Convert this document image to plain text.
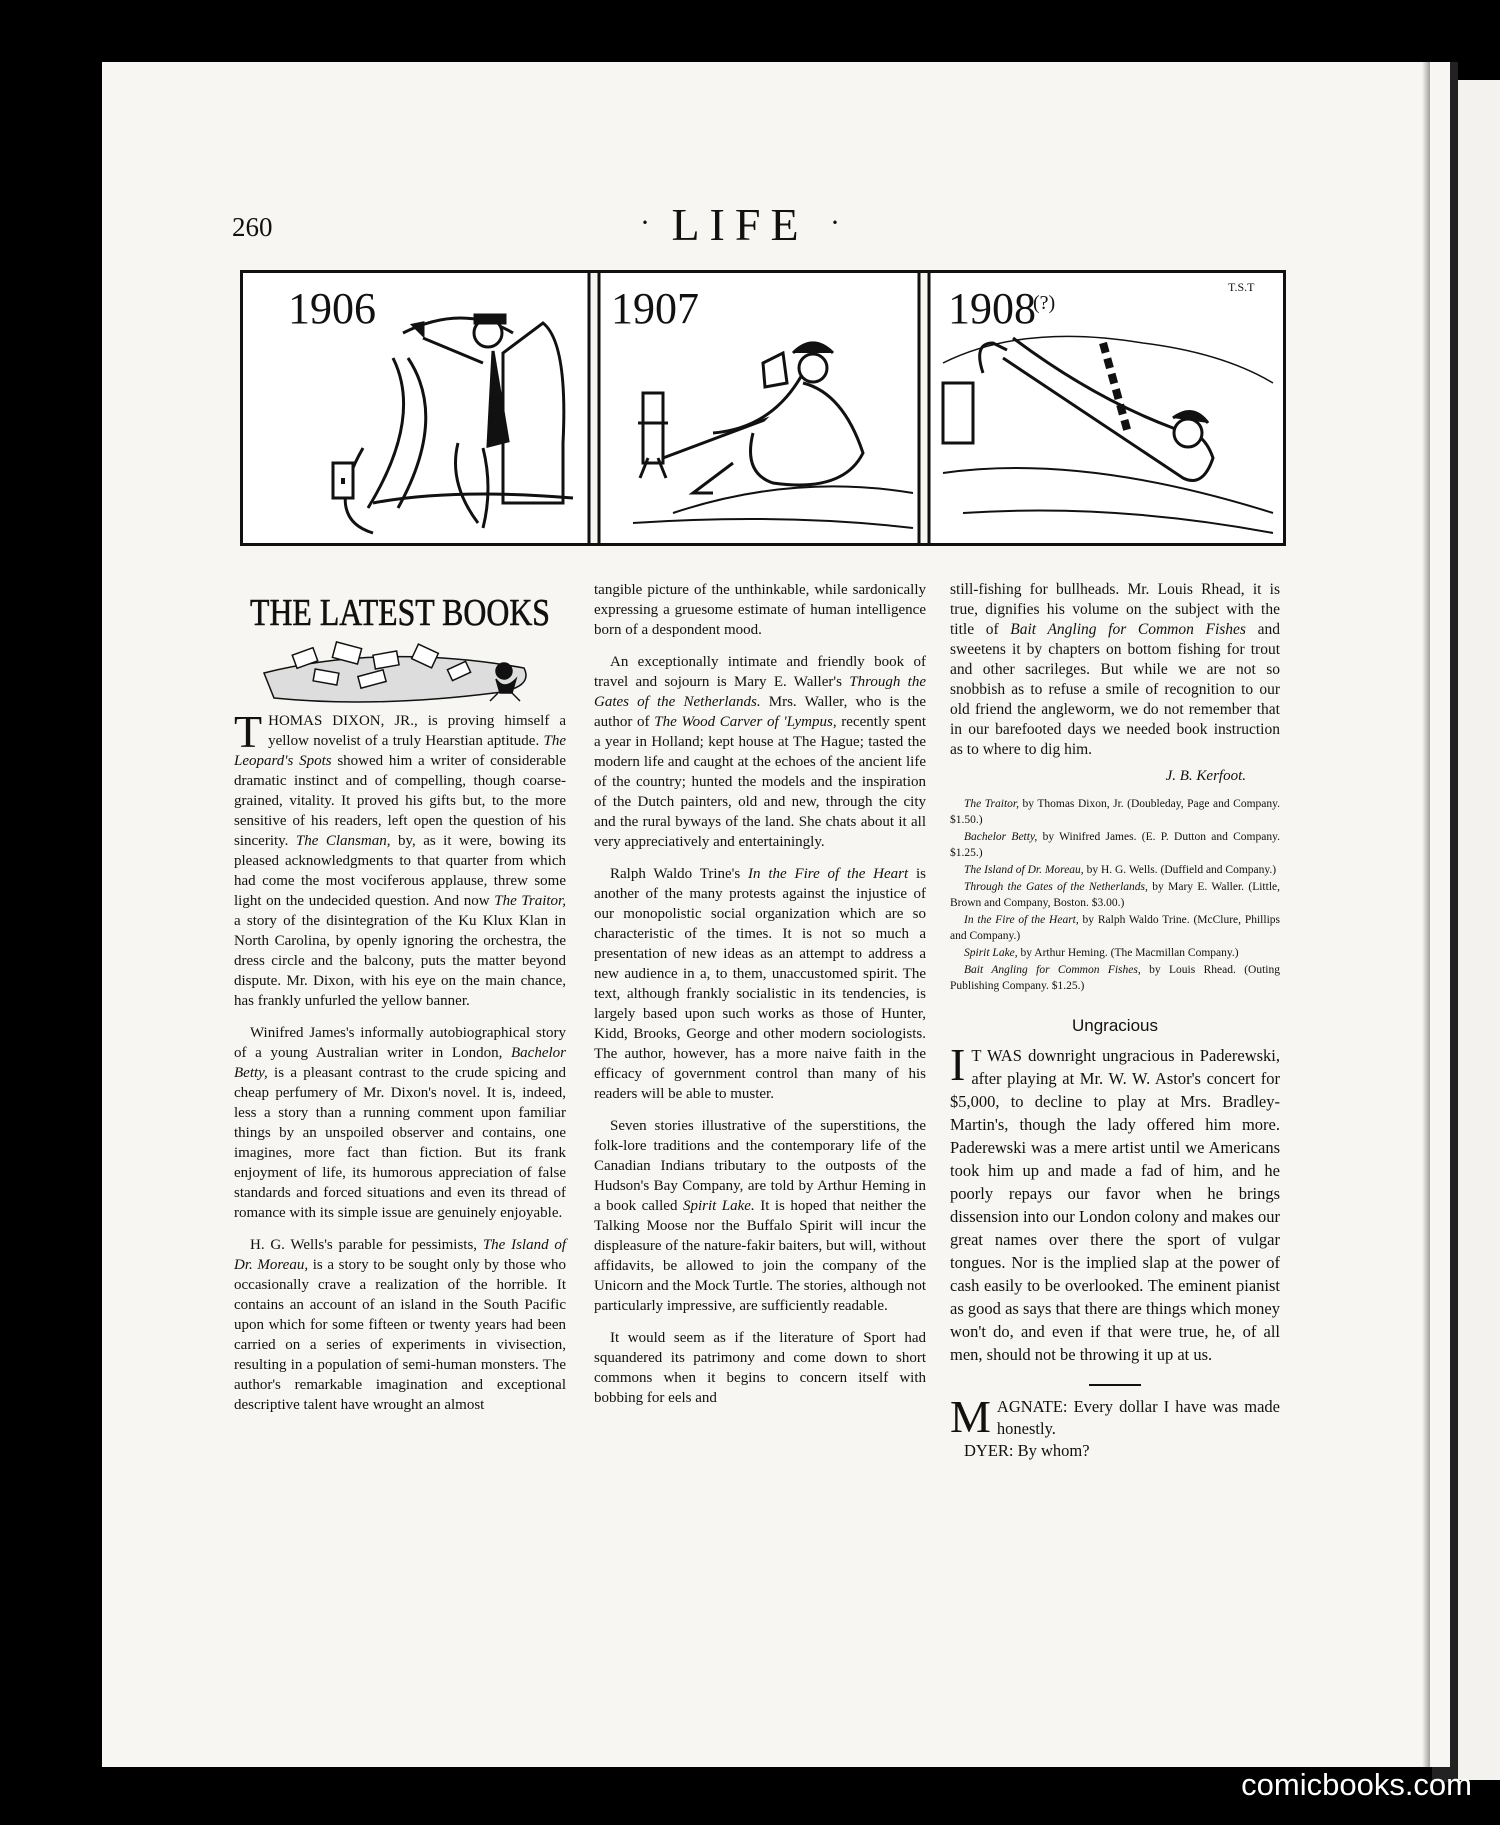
260	· LIFE ·
1906	1907	1908
(?)
T.S.T
THE LATEST BOOKS

THOMAS DIXON, JR., is proving himself a yellow novelist of a truly Hearstian aptitude. The Leopard's Spots showed him a writer of considerable dramatic instinct and of compelling, though coarse-grained, vitality. It proved his gifts but, to the more sensitive of his readers, left open the question of his sincerity. The Clansman, by, as it were, bowing its pleased acknowledgments to that quarter from which had come the most vociferous applause, threw some light on the undecided question. And now The Traitor, a story of the disintegration of the Ku Klux Klan in North Carolina, by openly ignoring the orchestra, the dress circle and the balcony, puts the matter beyond dispute. Mr. Dixon, with his eye on the main chance, has frankly unfurled the yellow banner.

Winifred James's informally autobiographical story of a young Australian writer in London, Bachelor Betty, is a pleasant contrast to the crude spicing and cheap perfumery of Mr. Dixon's novel. It is, indeed, less a story than a running comment upon familiar things by an unspoiled observer and contains, one imagines, more fact than fiction. But its frank enjoyment of life, its humorous appreciation of false standards and forced situations and even its thread of romance with its simple issue are genuinely enjoyable.

H. G. Wells's parable for pessimists, The Island of Dr. Moreau, is a story to be sought only by those who occasionally crave a realization of the horrible. It contains an account of an island in the South Pacific upon which for some fifteen or twenty years had been carried on a series of experiments in vivisection, resulting in a population of semi-human monsters. The author's remarkable imagination and exceptional descriptive talent have wrought an almost

tangible picture of the unthinkable, while sardonically expressing a gruesome estimate of human intelligence born of a despondent mood.

An exceptionally intimate and friendly book of travel and sojourn is Mary E. Waller's Through the Gates of the Netherlands. Mrs. Waller, who is the author of The Wood Carver of 'Lympus, recently spent a year in Holland; kept house at The Hague; tasted the modern life and caught at the echoes of the ancient life of the country; hunted the models and the inspiration of the Dutch painters, old and new, through the city and the rural byways of the land. She chats about it all very appreciatively and entertainingly.

Ralph Waldo Trine's In the Fire of the Heart is another of the many protests against the injustice of our monopolistic social organization which are so characteristic of the times. It is not so much a presentation of new ideas as an attempt to address a new audience in a, to them, unaccustomed spirit. The text, although frankly socialistic in its tendencies, is largely based upon such works as those of Hunter, Kidd, Brooks, George and other modern sociologists. The author, however, has a more naive faith in the efficacy of government control than many of his readers will be able to muster.

Seven stories illustrative of the superstitions, the folk-lore traditions and the contemporary life of the Canadian Indians tributary to the outposts of the Hudson's Bay Company, are told by Arthur Heming in a book called Spirit Lake. It is hoped that neither the Talking Moose nor the Buffalo Spirit will incur the displeasure of the nature-fakir baiters, but will, without affidavits, be allowed to join the company of the Unicorn and the Mock Turtle. The stories, although not particularly impressive, are sufficiently readable.

It would seem as if the literature of Sport had squandered its patrimony and come down to short commons when it begins to concern itself with bobbing for eels and

still-fishing for bullheads. Mr. Louis Rhead, it is true, dignifies his volume on the subject with the title of Bait Angling for Common Fishes and sweetens it by chapters on bottom fishing for trout and other sacrileges. But while we are not so snobbish as to refuse a smile of recognition to our old friend the angleworm, we do not remember that in our barefooted days we needed book instruction as to where to dig him.

J. B. Kerfoot.
The Traitor, by Thomas Dixon, Jr. (Doubleday, Page and Company. $1.50.)
Bachelor Betty, by Winifred James. (E. P. Dutton and Company. $1.25.)
The Island of Dr. Moreau, by H. G. Wells. (Duffield and Company.)
Through the Gates of the Netherlands, by Mary E. Waller. (Little, Brown and Company, Boston. $3.00.)
In the Fire of the Heart, by Ralph Waldo Trine. (McClure, Phillips and Company.)
Spirit Lake, by Arthur Heming. (The Macmillan Company.)
Bait Angling for Common Fishes, by Louis Rhead. (Outing Publishing Company. $1.25.)
Ungracious

I T WAS downright ungracious in Paderewski, after playing at Mr. W. W. Astor's concert for $5,000, to decline to play at Mrs. Bradley-Martin's, though the lady offered him more. Paderewski was a mere artist until we Americans took him up and made a fad of him, and he poorly repays our favor when he brings dissension into our London colony and makes our great names over there the sport of vulgar tongues. Nor is the implied slap at the power of cash easily to be overlooked. The eminent pianist as good as says that there are things which money won't do, and even if that were true, he, of all men, should not be throwing it up at us.

MAGNATE: Every dollar I have was made honestly.
DYER: By whom?
comicbooks.com
